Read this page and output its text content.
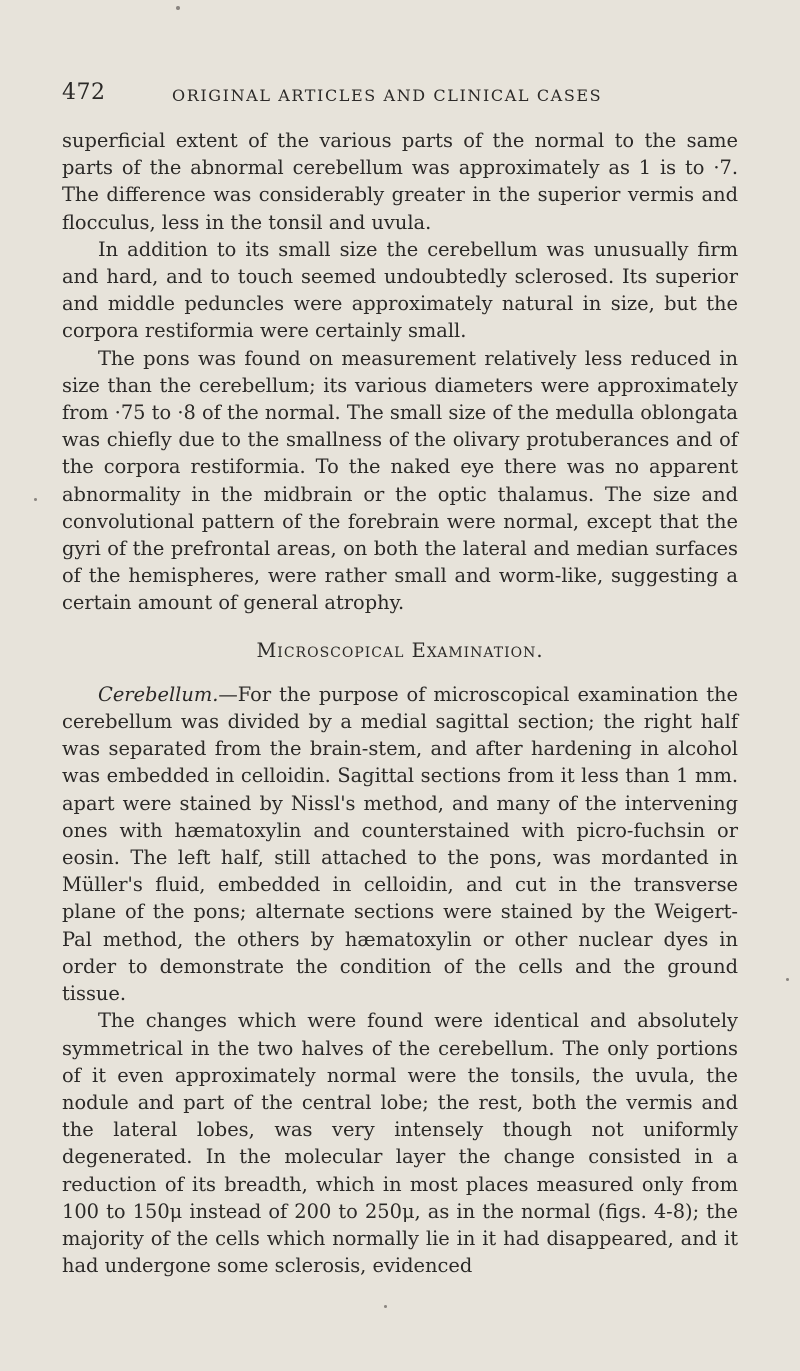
472	ORIGINAL ARTICLES AND CLINICAL CASES

superficial extent of the various parts of the normal to the same parts of the abnormal cerebellum was approximately as 1 is to ·7. The difference was considerably greater in the superior vermis and flocculus, less in the tonsil and uvula.

In addition to its small size the cerebellum was unusually firm and hard, and to touch seemed undoubtedly sclerosed. Its superior and middle peduncles were approximately natural in size, but the corpora restiformia were certainly small.

The pons was found on measurement relatively less reduced in size than the cerebellum; its various diameters were approximately from ·75 to ·8 of the normal. The small size of the medulla oblongata was chiefly due to the smallness of the olivary protuberances and of the corpora restiformia. To the naked eye there was no apparent abnormality in the midbrain or the optic thalamus. The size and convolutional pattern of the forebrain were normal, except that the gyri of the prefrontal areas, on both the lateral and median surfaces of the hemispheres, were rather small and worm-like, suggesting a certain amount of general atrophy.

Microscopical Examination.

Cerebellum.—For the purpose of microscopical examination the cerebellum was divided by a medial sagittal section; the right half was separated from the brain-stem, and after hardening in alcohol was embedded in celloidin. Sagittal sections from it less than 1 mm. apart were stained by Nissl's method, and many of the intervening ones with hæmatoxylin and counterstained with picro-fuchsin or eosin. The left half, still attached to the pons, was mordanted in Müller's fluid, embedded in celloidin, and cut in the transverse plane of the pons; alternate sections were stained by the Weigert-Pal method, the others by hæmatoxylin or other nuclear dyes in order to demonstrate the condition of the cells and the ground tissue.

The changes which were found were identical and absolutely symmetrical in the two halves of the cerebellum. The only portions of it even approximately normal were the tonsils, the uvula, the nodule and part of the central lobe; the rest, both the vermis and the lateral lobes, was very intensely though not uniformly degenerated. In the molecular layer the change consisted in a reduction of its breadth, which in most places measured only from 100 to 150μ instead of 200 to 250μ, as in the normal (figs. 4-8); the majority of the cells which normally lie in it had disappeared, and it had undergone some sclerosis, evidenced
